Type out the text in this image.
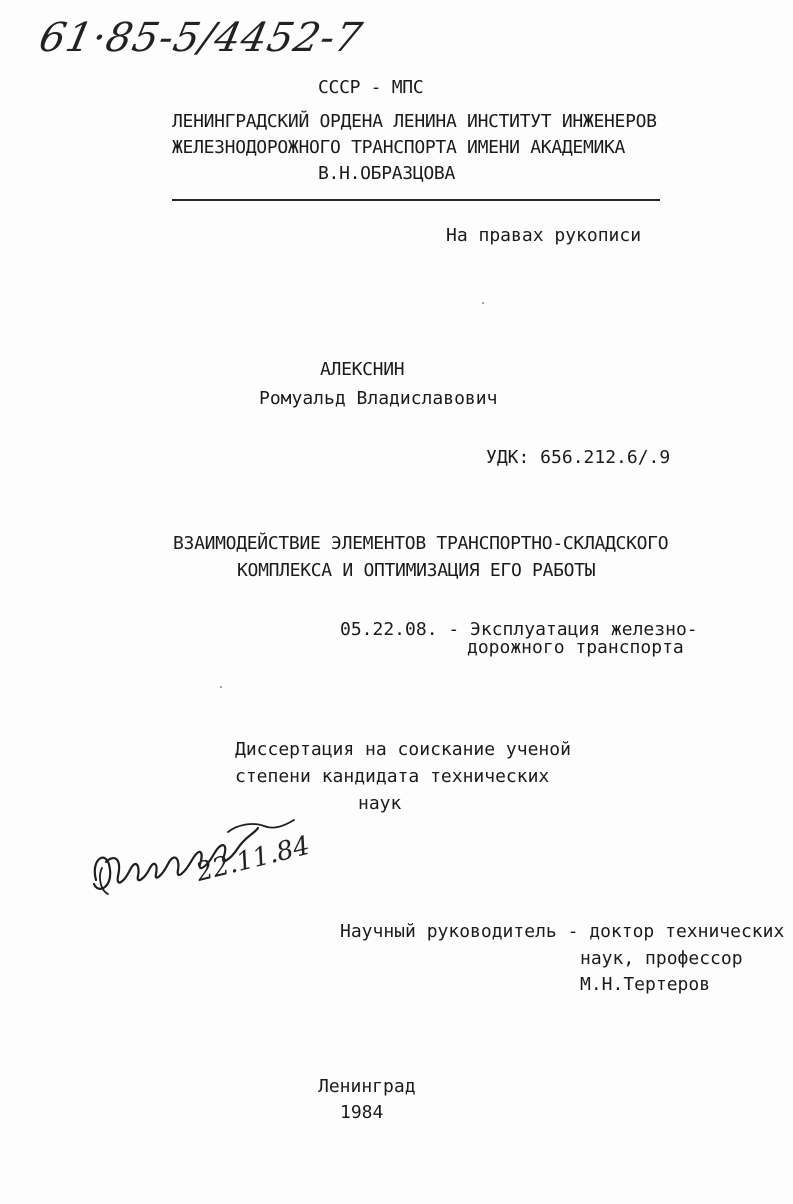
61·85-5/4452-7
СССР - МПС
ЛЕНИНГРАДСКИЙ ОРДЕНА ЛЕНИНА ИНСТИТУТ ИНЖЕНЕРОВ
ЖЕЛЕЗНОДОРОЖНОГО ТРАНСПОРТА ИМЕНИ АКАДЕМИКА
В.Н.ОБРАЗЦОВА
На правах рукописи
АЛЕКСНИН
Ромуальд Владиславович
УДК: 656.212.6/.9
ВЗАИМОДЕЙСТВИЕ ЭЛЕМЕНТОВ ТРАНСПОРТНО-СКЛАДСКОГО
КОМПЛЕКСА И ОПТИМИЗАЦИЯ ЕГО РАБОТЫ
05.22.08. - Эксплуатация железно-
дорожного транспорта
Диссертация на соискание ученой
степени кандидата технических
наук
22.11.84
Научный руководитель - доктор технических
наук, профессор
М.Н.Тертеров
Ленинград
1984
